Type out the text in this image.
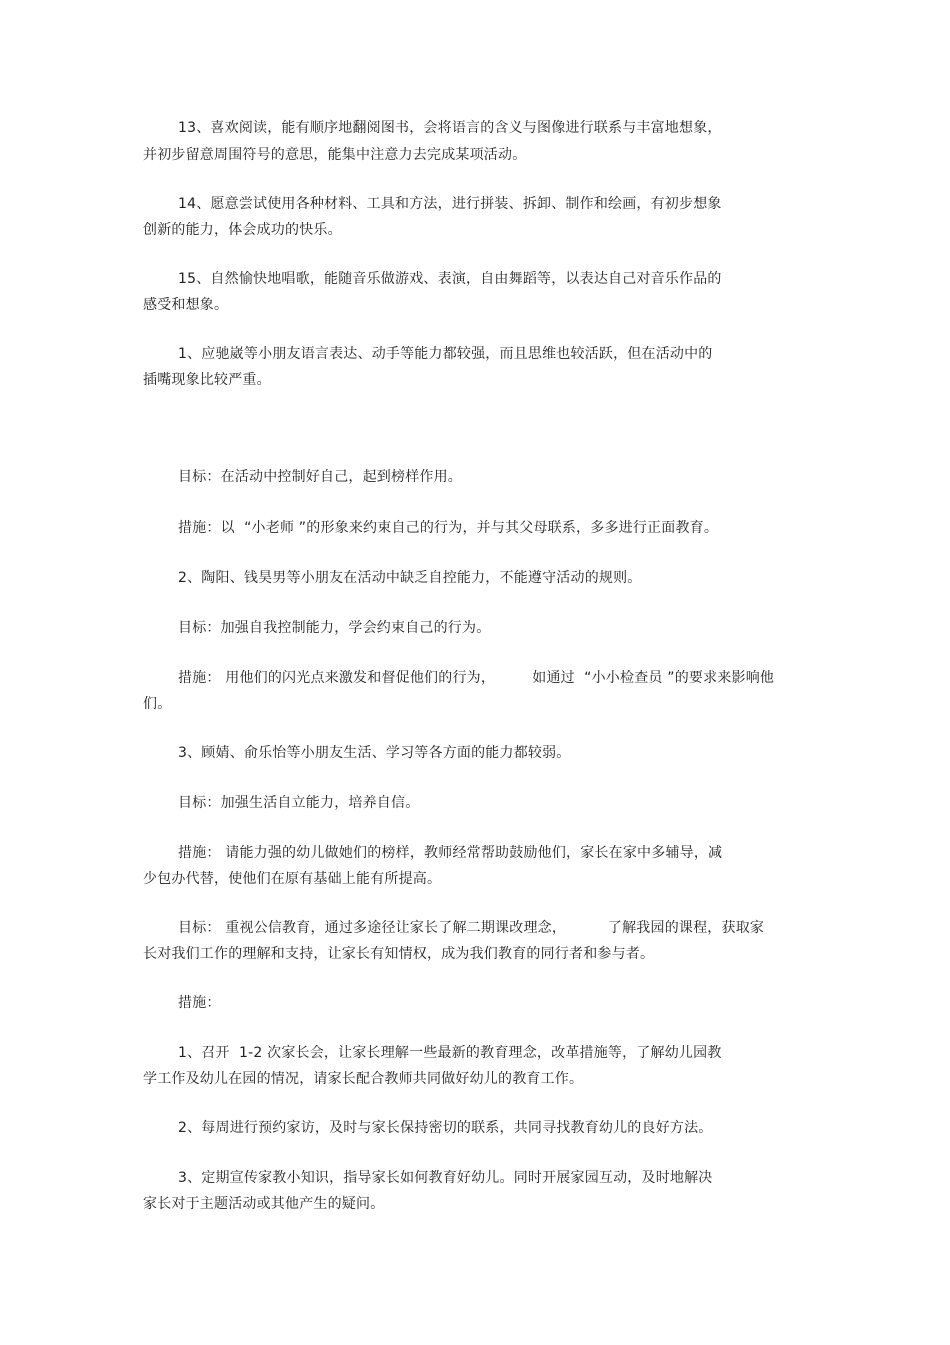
13、喜欢阅读，能有顺序地翻阅图书，会将语言的含义与图像进行联系与丰富地想象，
并初步留意周围符号的意思，能集中注意力去完成某项活动。
14、愿意尝试使用各种材料、工具和方法，进行拼装、拆卸、制作和绘画，有初步想象
创新的能力，体会成功的快乐。
15、自然愉快地唱歌，能随音乐做游戏、表演，自由舞蹈等，以表达自己对音乐作品的
感受和想象。
1、应驰崴等小朋友语言表达、动手等能力都较强，而且思维也较活跃，但在活动中的
插嘴现象比较严重。
目标：在活动中控制好自己，起到榜样作用。
措施：以  “小老师 ”的形象来约束自己的行为，并与其父母联系，多多进行正面教育。
2、陶阳、钱昊男等小朋友在活动中缺乏自控能力，不能遵守活动的规则。
目标：加强自我控制能力，学会约束自己的行为。
措施： 用他们的闪光点来激发和督促他们的行为，        如通过  “小小检查员 ”的要求来影响他
们。
3、顾婧、俞乐怡等小朋友生活、学习等各方面的能力都较弱。
目标：加强生活自立能力，培养自信。
措施： 请能力强的幼儿做她们的榜样，教师经常帮助鼓励他们，家长在家中多辅导，减
少包办代替，使他们在原有基础上能有所提高。
目标： 重视公信教育，通过多途径让家长了解二期课改理念，         了解我园的课程，获取家
长对我们工作的理解和支持，让家长有知情权，成为我们教育的同行者和参与者。
措施：
1、召开  1-2 次家长会，让家长理解一些最新的教育理念，改革措施等，了解幼儿园教
学工作及幼儿在园的情况，请家长配合教师共同做好幼儿的教育工作。
2、每周进行预约家访，及时与家长保持密切的联系，共同寻找教育幼儿的良好方法。
3、定期宣传家教小知识，指导家长如何教育好幼儿。同时开展家园互动，及时地解决
家长对于主题活动或其他产生的疑问。
